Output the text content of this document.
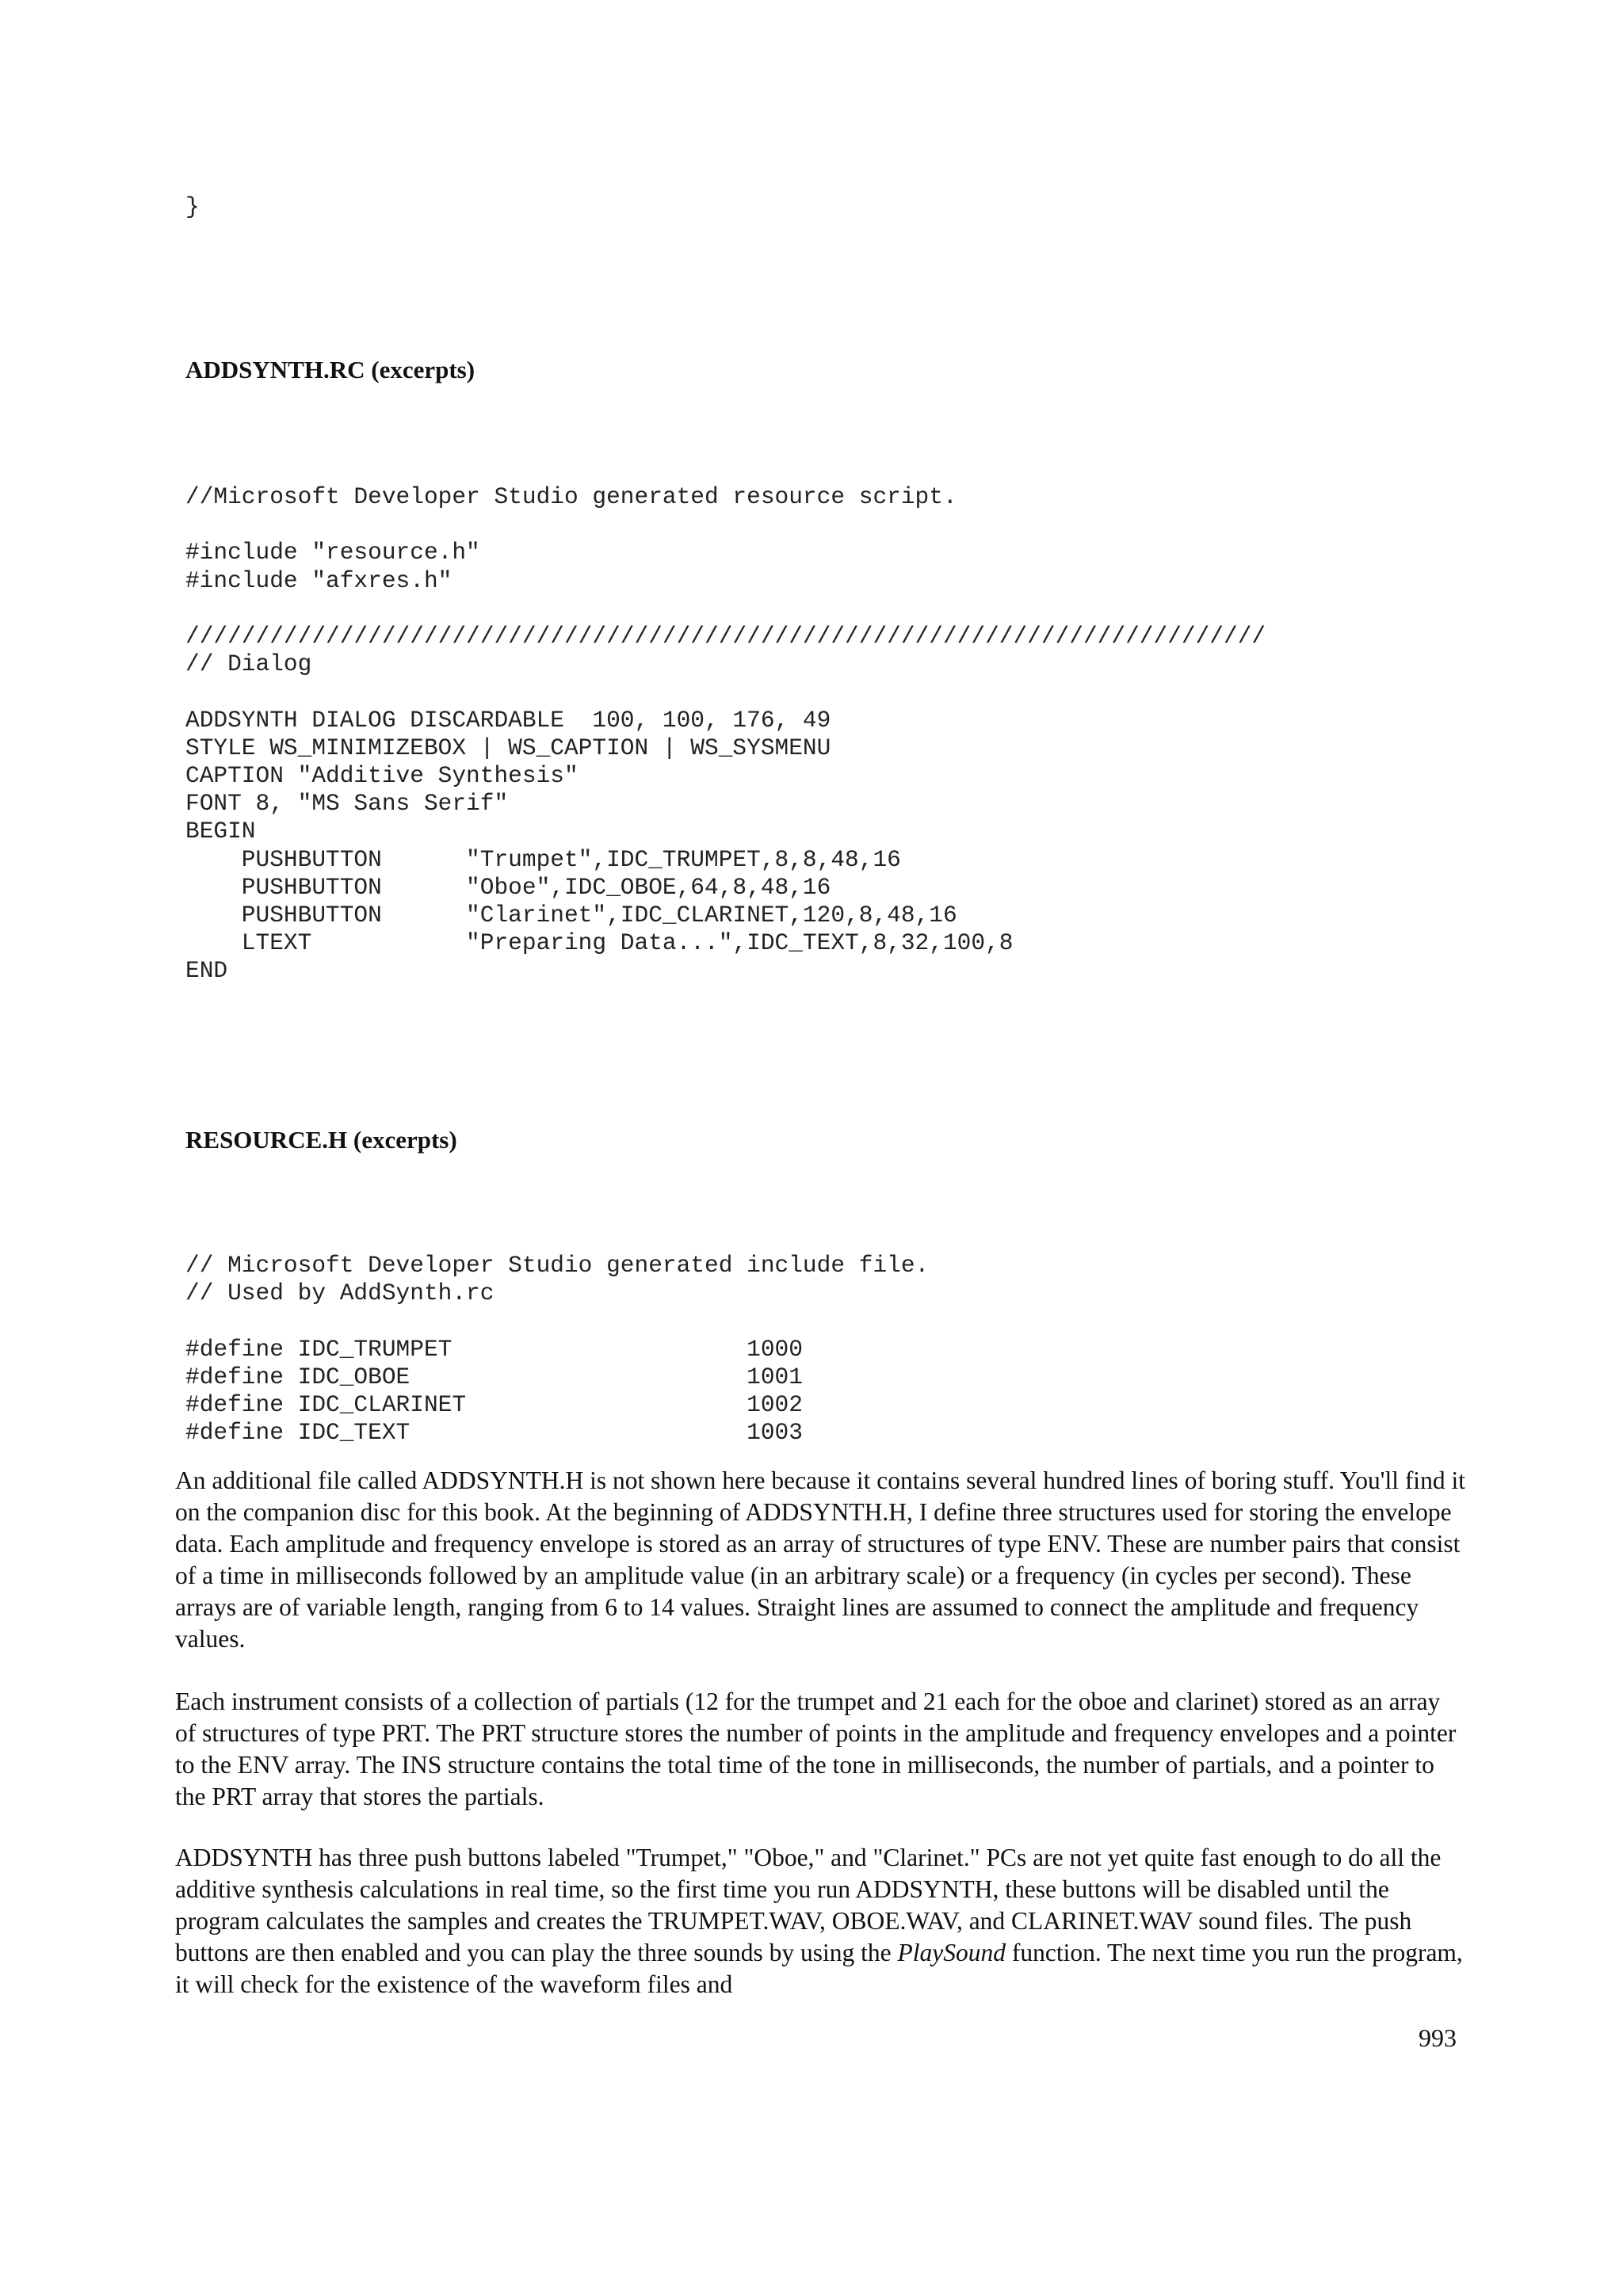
}
ADDSYNTH.RC (excerpts)
//Microsoft Developer Studio generated resource script.

#include "resource.h"
#include "afxres.h"

/////////////////////////////////////////////////////////////////////////////
// Dialog

ADDSYNTH DIALOG DISCARDABLE  100, 100, 176, 49
STYLE WS_MINIMIZEBOX | WS_CAPTION | WS_SYSMENU
CAPTION "Additive Synthesis"
FONT 8, "MS Sans Serif"
BEGIN
PUSHBUTTON      "Trumpet",IDC_TRUMPET,8,8,48,16
PUSHBUTTON      "Oboe",IDC_OBOE,64,8,48,16
PUSHBUTTON      "Clarinet",IDC_CLARINET,120,8,48,16
LTEXT           "Preparing Data...",IDC_TEXT,8,32,100,8
END
RESOURCE.H (excerpts)
// Microsoft Developer Studio generated include file.
// Used by AddSynth.rc

#define IDC_TRUMPET                     1000
#define IDC_OBOE                        1001
#define IDC_CLARINET                    1002
#define IDC_TEXT                        1003

An additional file called ADDSYNTH.H is not shown here because it contains several hundred lines of boring stuff. You'll find it on the companion disc for this book. At the beginning of ADDSYNTH.H, I define three structures used for storing the envelope data. Each amplitude and frequency envelope is stored as an array of structures of type ENV. These are number pairs that consist of a time in milliseconds followed by an amplitude value (in an arbitrary scale) or a frequency (in cycles per second). These arrays are of variable length, ranging from 6 to 14 values. Straight lines are assumed to connect the amplitude and frequency values.

Each instrument consists of a collection of partials (12 for the trumpet and 21 each for the oboe and clarinet) stored as an array of structures of type PRT. The PRT structure stores the number of points in the amplitude and frequency envelopes and a pointer to the ENV array. The INS structure contains the total time of the tone in milliseconds, the number of partials, and a pointer to the PRT array that stores the partials.

ADDSYNTH has three push buttons labeled "Trumpet," "Oboe," and "Clarinet." PCs are not yet quite fast enough to do all the additive synthesis calculations in real time, so the first time you run ADDSYNTH, these buttons will be disabled until the program calculates the samples and creates the TRUMPET.WAV, OBOE.WAV, and CLARINET.WAV sound files. The push buttons are then enabled and you can play the three sounds by using the PlaySound function. The next time you run the program, it will check for the existence of the waveform files and

993
